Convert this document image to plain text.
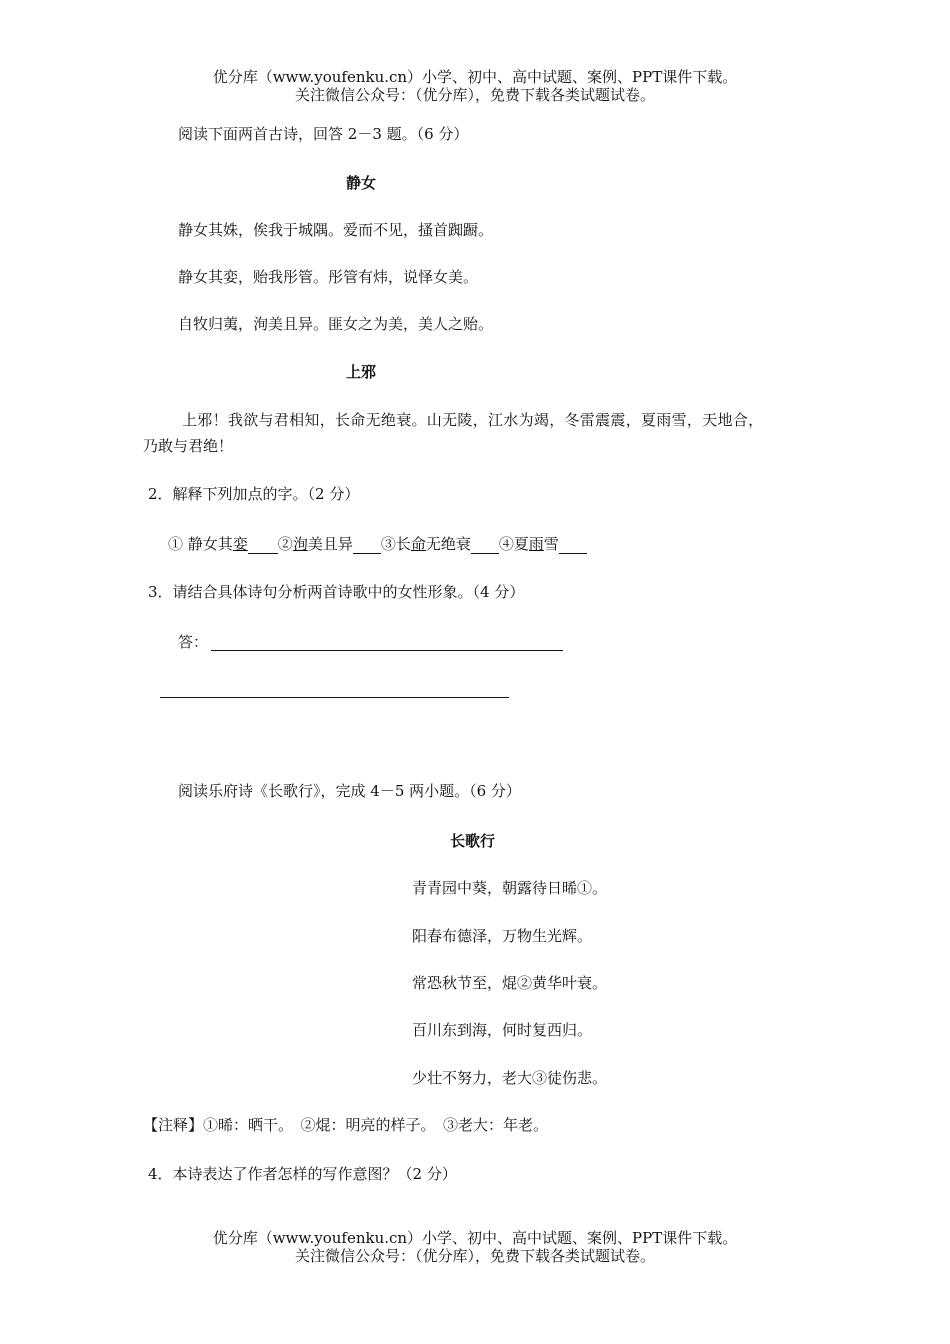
优分库（www.youfenku.cn）小学、初中、高中试题、案例、PPT课件下载。
关注微信公众号：（优分库），免费下载各类试题试卷。
阅读下面两首古诗，回答 2－3 题。（6 分）
静女
静女其姝，俟我于城隅。爱而不见，搔首踟蹰。
静女其娈，贻我彤管。彤管有炜，说怿女美。
自牧归荑，洵美且异。匪女之为美，美人之贻。
上邪
上邪！我欲与君相知，长命无绝衰。山无陵，江水为竭，冬雷震震，夏雨雪，天地合，
乃敢与君绝！
2．解释下列加点的字。（2 分）
① 静女其娈 ②洵美且异 ③长命无绝衰 ④夏雨雪
3．请结合具体诗句分析两首诗歌中的女性形象。（4 分）
答：
阅读乐府诗《长歌行》，完成 4－5 两小题。（6 分）
长歌行
青青园中葵，朝露待日晞①。
阳春布德泽，万物生光辉。
常恐秋节至，焜②黄华叶衰。
百川东到海，何时复西归。
少壮不努力，老大③徒伤悲。
【注释】①晞：晒干。　②焜：明亮的样子。　③老大：年老。
4．本诗表达了作者怎样的写作意图？（2 分）
优分库（www.youfenku.cn）小学、初中、高中试题、案例、PPT课件下载。
关注微信公众号：（优分库），免费下载各类试题试卷。
